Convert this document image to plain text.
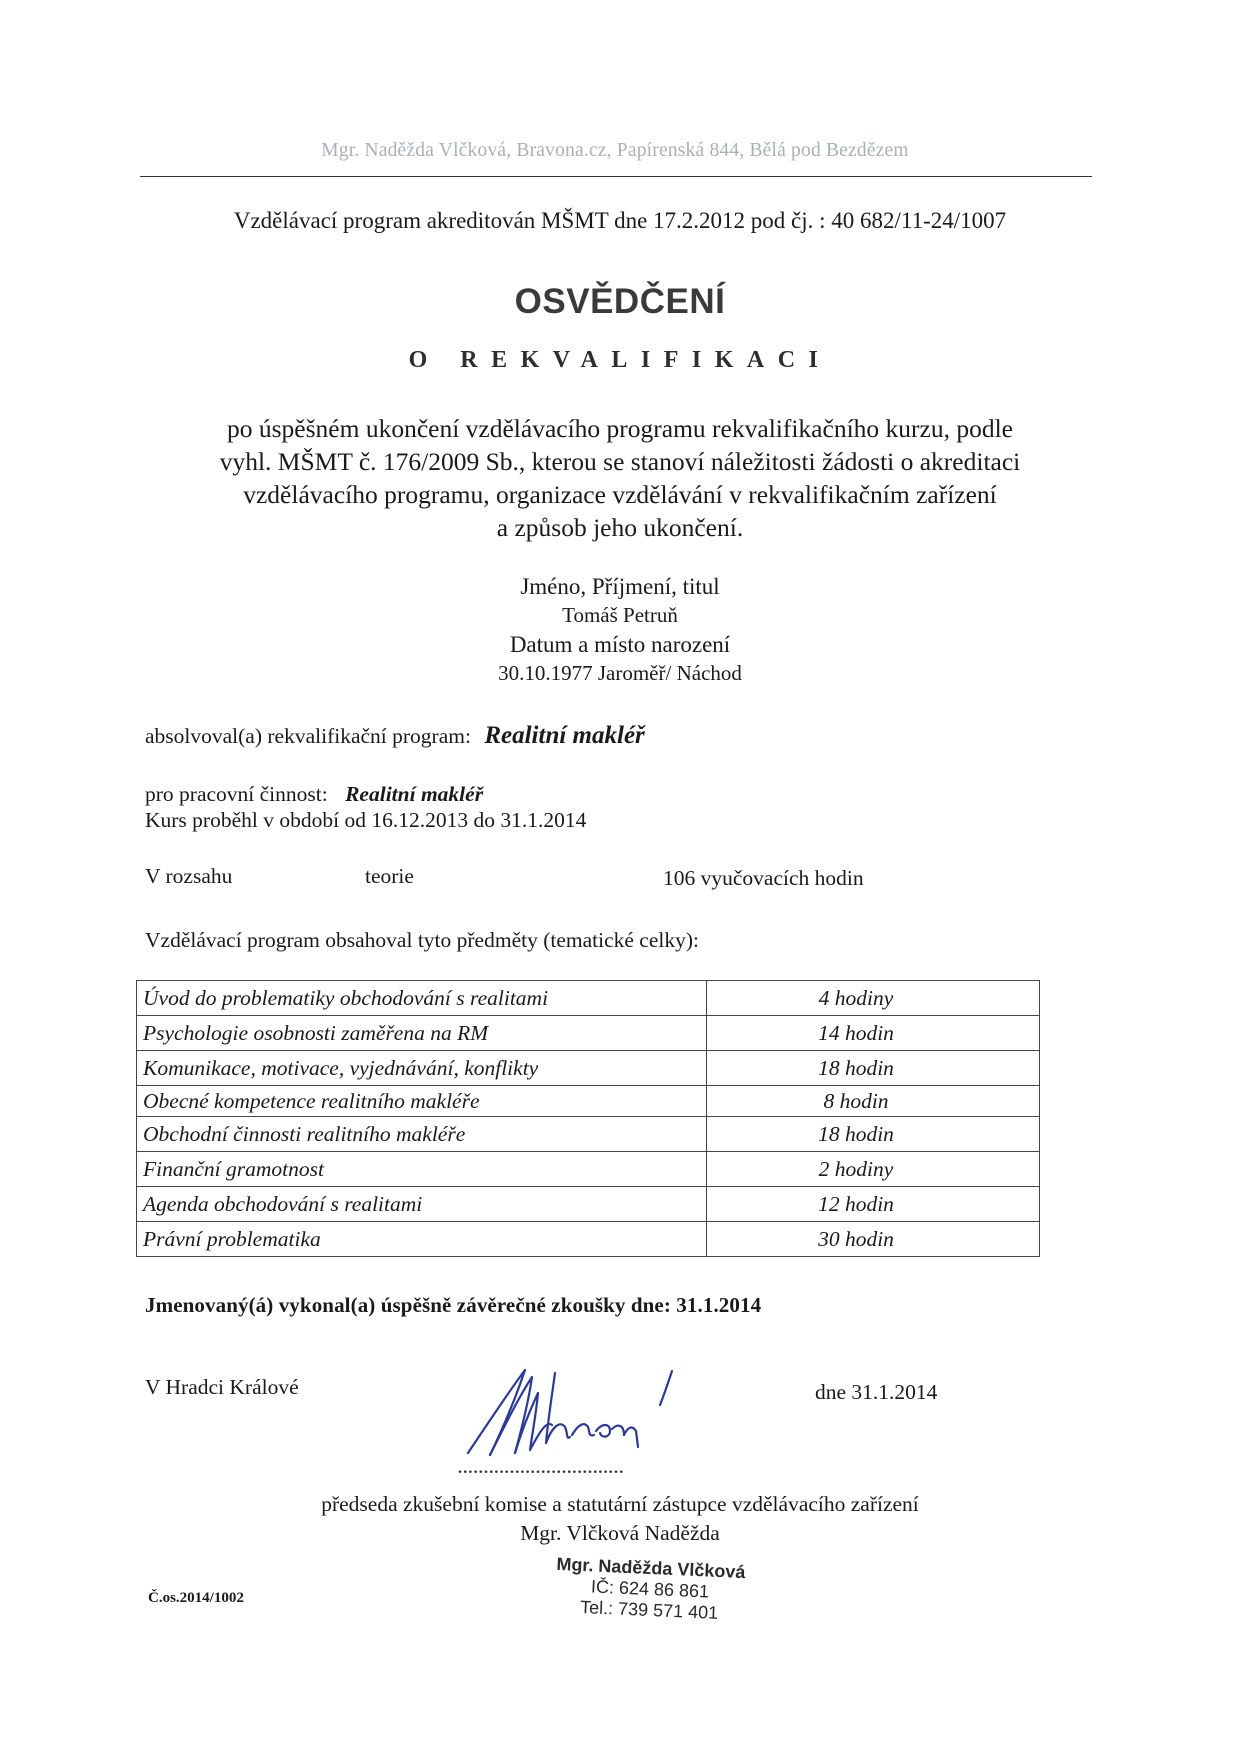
Mgr. Naděžda Vlčková, Bravona.cz, Papírenská 844, Bělá pod Bezdězem
Vzdělávací program akreditován MŠMT dne 17.2.2012 pod čj. : 40 682/11-24/1007
OSVĚDČENÍ
O REKVALIFIKACI
po úspěšném ukončení vzdělávacího programu rekvalifikačního kurzu, podle
vyhl. MŠMT č. 176/2009 Sb., kterou se stanoví náležitosti žádosti o akreditaci
vzdělávacího programu, organizace vzdělávání v rekvalifikačním zařízení
a způsob jeho ukončení.
Jméno, Příjmení, titul
Tomáš Petruň
Datum a místo narození
30.10.1977 Jaroměř/ Náchod
absolvoval(a) rekvalifikační program: Realitní makléř
pro pracovní činnost: Realitní makléř
Kurs proběhl v období od 16.12.2013 do 31.1.2014
V rozsahu	teorie	106 vyučovacích hodin
Vzdělávací program obsahoval tyto předměty (tematické celky):
Úvod do problematiky obchodování s realitami	4 hodiny
Psychologie osobnosti zaměřena na RM	14 hodin
Komunikace, motivace, vyjednávání, konflikty	18 hodin
Obecné kompetence realitního makléře	8 hodin
Obchodní činnosti realitního makléře	18 hodin
Finanční gramotnost	2 hodiny
Agenda obchodování s realitami	12 hodin
Právní problematika	30 hodin
Jmenovaný(á) vykonal(a) úspěšně závěrečné zkoušky dne: 31.1.2014
V Hradci Králové	dne 31.1.2014
................................
předseda zkušební komise a statutární zástupce vzdělávacího zařízení
Mgr. Vlčková Naděžda
Č.os.2014/1002
Mgr. Naděžda Vlčková
IČ: 624 86 861
Tel.: 739 571 401
